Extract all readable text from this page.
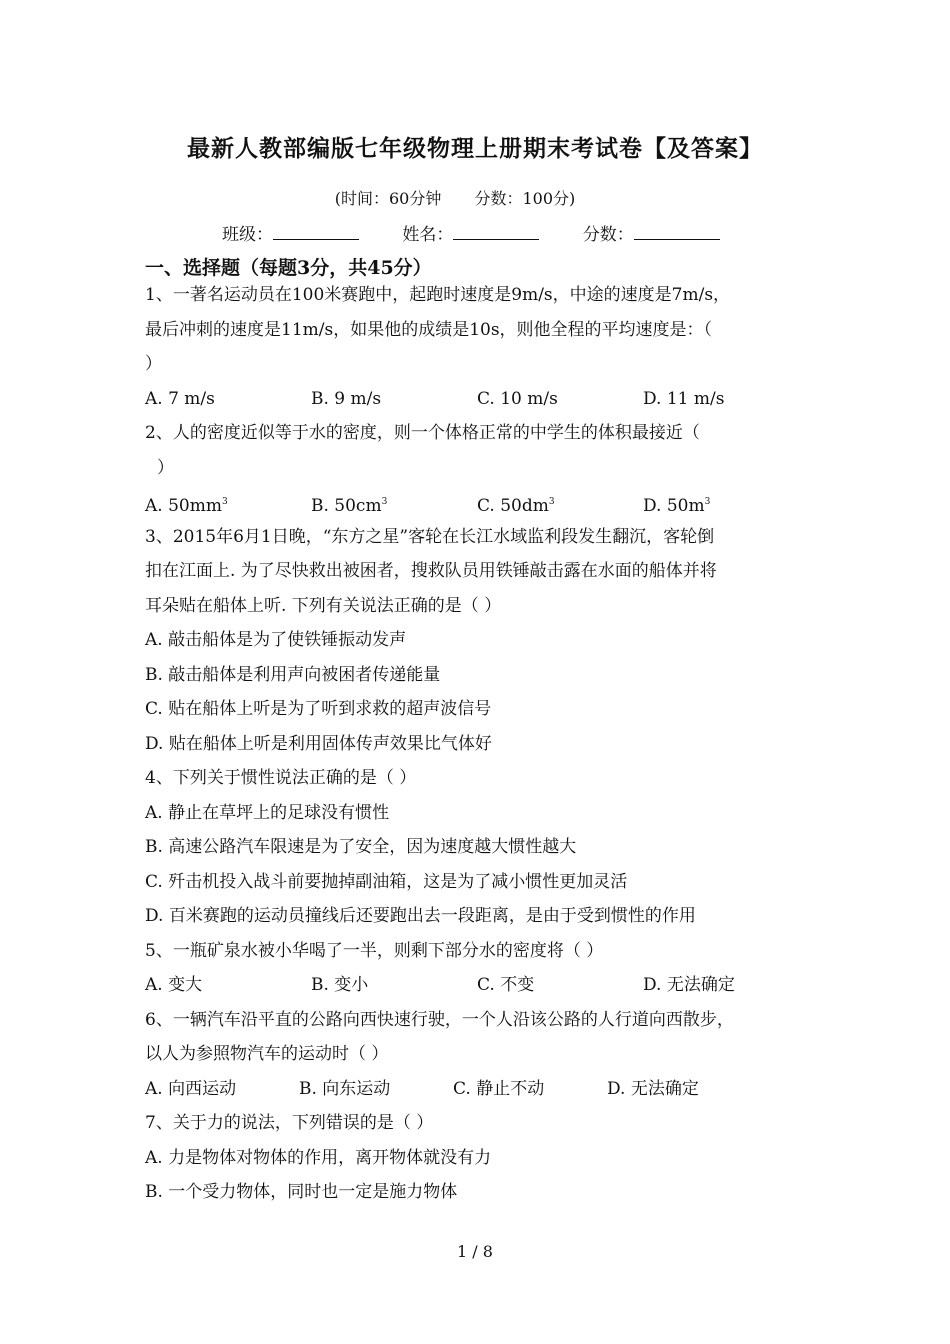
最新人教部编版七年级物理上册期末考试卷【及答案】
(时间：60分钟 分数：100分)
班级：	姓名：	分数：
一、选择题（每题3分，共45分）
1、一著名运动员在100米赛跑中，起跑时速度是9m/s，中途的速度是7m/s，
最后冲刺的速度是11m/s，如果他的成绩是10s，则他全程的平均速度是：（
）
A. 7 m/s	B. 9 m/s	C. 10 m/s	D. 11 m/s
2、人的密度近似等于水的密度，则一个体格正常的中学生的体积最接近（
）
A. $50mm^3$	B. $50cm^3$	C. $50dm^3$	D. $50m^3$
3、2015年6月1日晚，“东方之星”客轮在长江水域监利段发生翻沉，客轮倒
扣在江面上. 为了尽快救出被困者，搜救队员用铁锤敲击露在水面的船体并将
耳朵贴在船体上听. 下列有关说法正确的是（ ）
A. 敲击船体是为了使铁锤振动发声
B. 敲击船体是利用声向被困者传递能量
C. 贴在船体上听是为了听到求救的超声波信号
D. 贴在船体上听是利用固体传声效果比气体好
4、下列关于惯性说法正确的是（ ）
A. 静止在草坪上的足球没有惯性
B. 高速公路汽车限速是为了安全，因为速度越大惯性越大
C. 歼击机投入战斗前要抛掉副油箱，这是为了减小惯性更加灵活
D. 百米赛跑的运动员撞线后还要跑出去一段距离，是由于受到惯性的作用
5、一瓶矿泉水被小华喝了一半，则剩下部分水的密度将（ ）
A. 变大	B. 变小	C. 不变	D. 无法确定
6、一辆汽车沿平直的公路向西快速行驶，一个人沿该公路的人行道向西散步，
以人为参照物汽车的运动时（ ）
A. 向西运动	B. 向东运动	C. 静止不动	D. 无法确定
7、关于力的说法，下列错误的是（ ）
A. 力是物体对物体的作用，离开物体就没有力
B. 一个受力物体，同时也一定是施力物体
1 / 8
